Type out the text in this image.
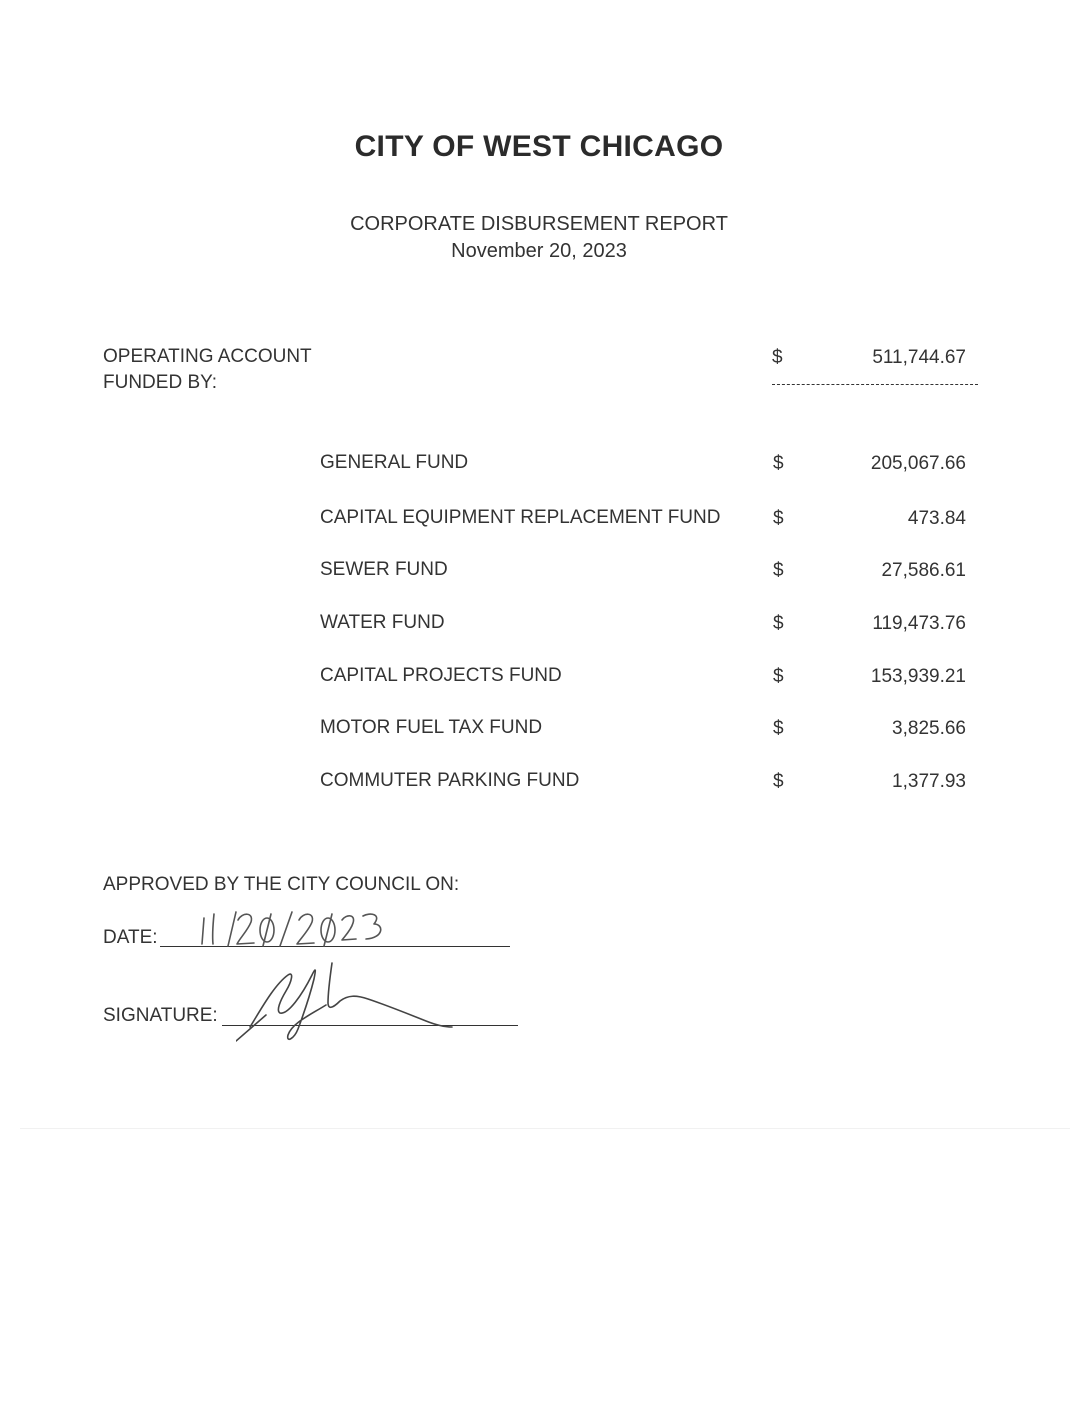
CITY OF WEST CHICAGO
CORPORATE DISBURSEMENT REPORT
November 20, 2023
OPERATING ACCOUNT
FUNDED BY:
$	511,744.67
GENERAL FUND	$	205,067.66
CAPITAL EQUIPMENT REPLACEMENT FUND	$	473.84
SEWER FUND	$	27,586.61
WATER FUND	$	119,473.76
CAPITAL PROJECTS FUND	$	153,939.21
MOTOR FUEL TAX FUND	$	3,825.66
COMMUTER PARKING FUND	$	1,377.93
APPROVED BY THE CITY COUNCIL ON:
DATE:
SIGNATURE:
